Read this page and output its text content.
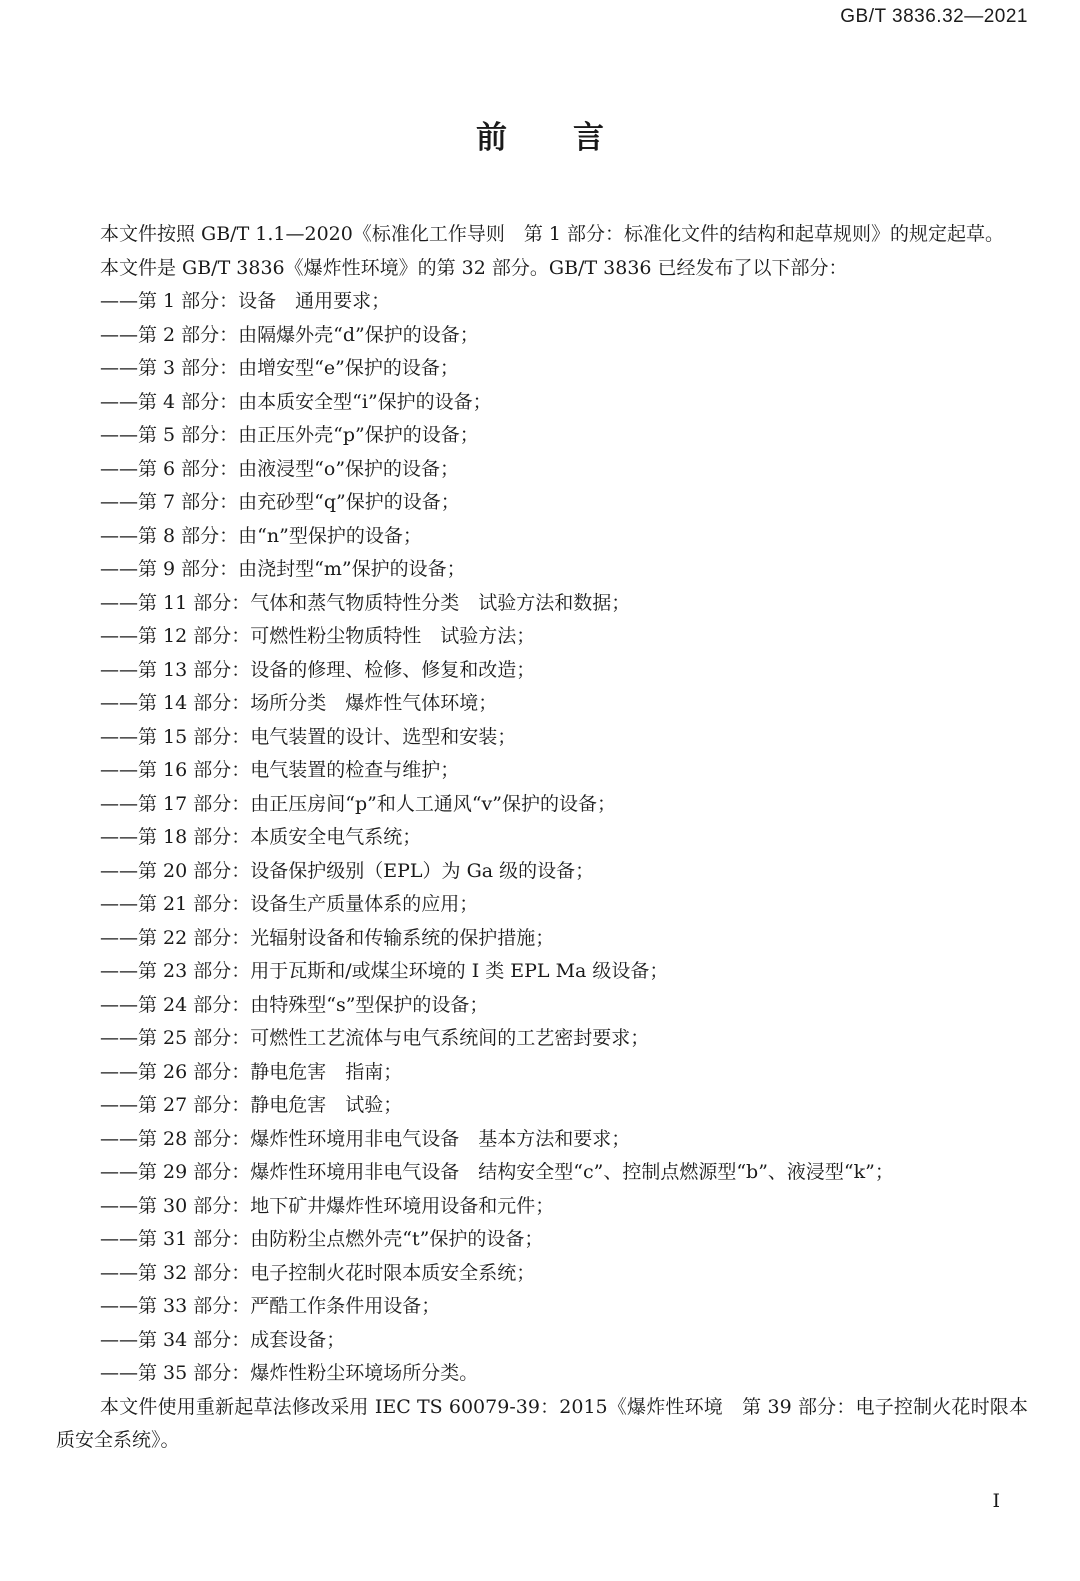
GB/T 3836.32—2021
前言

本文件按照 GB/T 1.1—2020《标准化工作导则　第 1 部分：标准化文件的结构和起草规则》的规定起草。

本文件是 GB/T 3836《爆炸性环境》的第 32 部分。GB/T 3836 已经发布了以下部分：

——第 1 部分：设备　通用要求；
——第 2 部分：由隔爆外壳“d”保护的设备；
——第 3 部分：由增安型“e”保护的设备；
——第 4 部分：由本质安全型“i”保护的设备；
——第 5 部分：由正压外壳“p”保护的设备；
——第 6 部分：由液浸型“o”保护的设备；
——第 7 部分：由充砂型“q”保护的设备；
——第 8 部分：由“n”型保护的设备；
——第 9 部分：由浇封型“m”保护的设备；
——第 11 部分：气体和蒸气物质特性分类　试验方法和数据；
——第 12 部分：可燃性粉尘物质特性　试验方法；
——第 13 部分：设备的修理、检修、修复和改造；
——第 14 部分：场所分类　爆炸性气体环境；
——第 15 部分：电气装置的设计、选型和安装；
——第 16 部分：电气装置的检查与维护；
——第 17 部分：由正压房间“p”和人工通风“v”保护的设备；
——第 18 部分：本质安全电气系统；
——第 20 部分：设备保护级别（EPL）为 Ga 级的设备；
——第 21 部分：设备生产质量体系的应用；
——第 22 部分：光辐射设备和传输系统的保护措施；
——第 23 部分：用于瓦斯和/或煤尘环境的 Ⅰ 类 EPL Ma 级设备；
——第 24 部分：由特殊型“s”型保护的设备；
——第 25 部分：可燃性工艺流体与电气系统间的工艺密封要求；
——第 26 部分：静电危害　指南；
——第 27 部分：静电危害　试验；
——第 28 部分：爆炸性环境用非电气设备　基本方法和要求；
——第 29 部分：爆炸性环境用非电气设备　结构安全型“c”、控制点燃源型“b”、液浸型“k”；
——第 30 部分：地下矿井爆炸性环境用设备和元件；
——第 31 部分：由防粉尘点燃外壳“t”保护的设备；
——第 32 部分：电子控制火花时限本质安全系统；
——第 33 部分：严酷工作条件用设备；
——第 34 部分：成套设备；
——第 35 部分：爆炸性粉尘环境场所分类。

本文件使用重新起草法修改采用 IEC TS 60079-39：2015《爆炸性环境　第 39 部分：电子控制火花时限本质安全系统》。

Ⅰ
